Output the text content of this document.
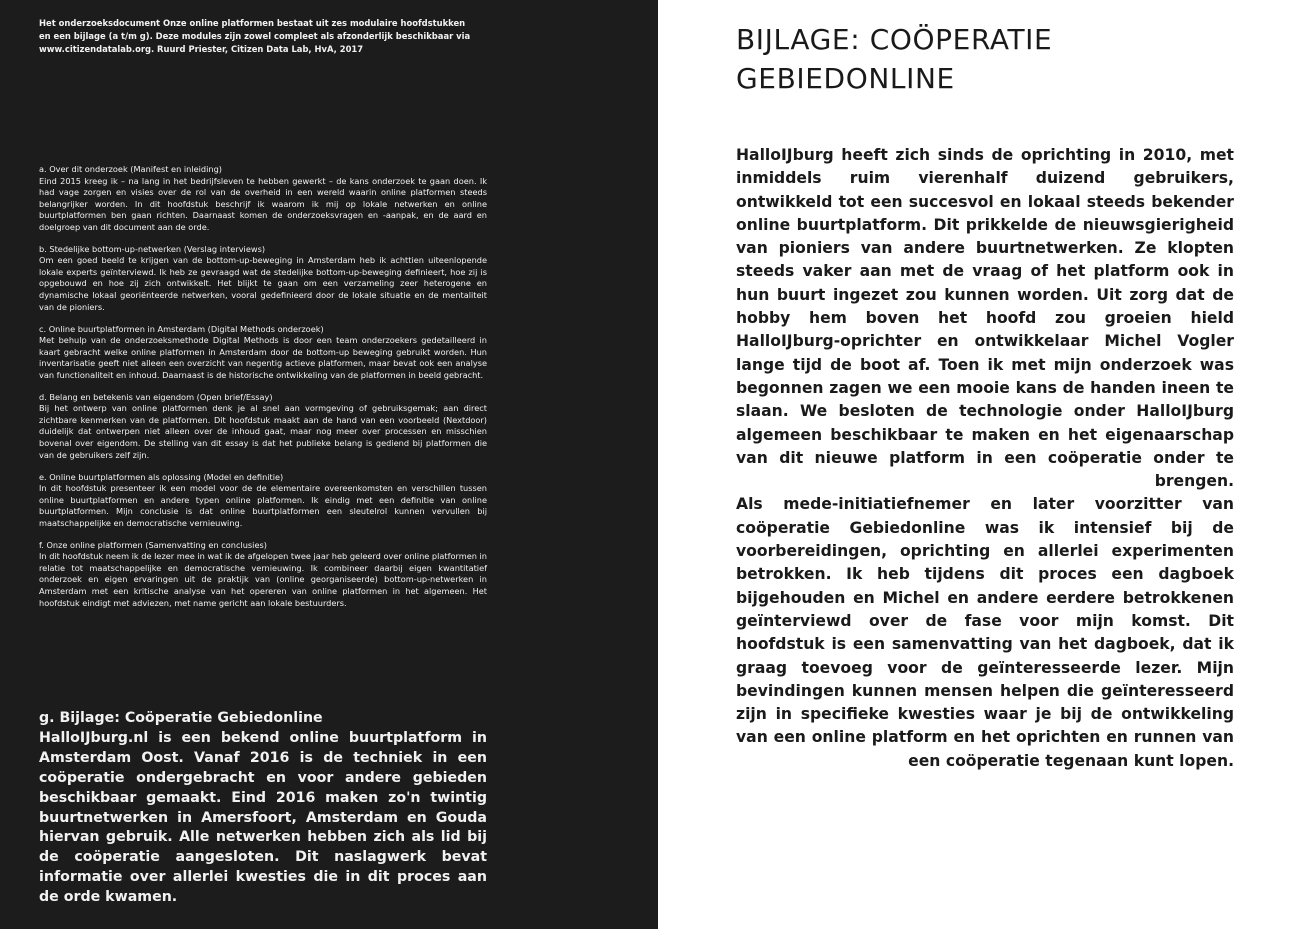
Het onderzoeksdocument Onze online platformen bestaat uit zes modulaire hoofdstukken en een bijlage (a t/m g). Deze modules zijn zowel compleet als afzonderlijk beschikbaar via www.citizendatalab.org. Ruurd Priester, Citizen Data Lab, HvA, 2017
a. Over dit onderzoek (Manifest en inleiding)

Eind 2015 kreeg ik – na lang in het bedrijfsleven te hebben gewerkt – de kans onderzoek te gaan doen. Ik had vage zorgen en visies over de rol van de overheid in een wereld waarin online platformen steeds belangrijker worden. In dit hoofdstuk beschrijf ik waarom ik mij op lokale netwerken en online buurtplatformen ben gaan richten. Daarnaast komen de onderzoeksvragen en -aanpak, en de aard en doelgroep van dit document aan de orde.

b. Stedelijke bottom-up-netwerken (Verslag interviews)

Om een goed beeld te krijgen van de bottom-up-beweging in Amsterdam heb ik achttien uiteenlopende lokale experts geïnterviewd. Ik heb ze gevraagd wat de stedelijke bottom-up-beweging definieert, hoe zij is opgebouwd en hoe zij zich ontwikkelt. Het blijkt te gaan om een verzameling zeer heterogene en dynamische lokaal georiënteerde netwerken, vooral gedefinieerd door de lokale situatie en de mentaliteit van de pioniers.

c. Online buurtplatformen in Amsterdam (Digital Methods onderzoek)

Met behulp van de onderzoeksmethode Digital Methods is door een team onderzoekers gedetailleerd in kaart gebracht welke online platformen in Amsterdam door de bottom-up beweging gebruikt worden. Hun inventarisatie geeft niet alleen een overzicht van negentig actieve platformen, maar bevat ook een analyse van functionaliteit en inhoud. Daarnaast is de historische ontwikkeling van de platformen in beeld gebracht.

d. Belang en betekenis van eigendom (Open brief/Essay)

Bij het ontwerp van online platformen denk je al snel aan vormgeving of gebruiksgemak; aan direct zichtbare kenmerken van de platformen. Dit hoofdstuk maakt aan de hand van een voorbeeld (Nextdoor) duidelijk dat ontwerpen niet alleen over de inhoud gaat, maar nog meer over processen en misschien bovenal over eigendom. De stelling van dit essay is dat het publieke belang is gediend bij platformen die van de gebruikers zelf zijn.

e. Online buurtplatformen als oplossing (Model en definitie)

In dit hoofdstuk presenteer ik een model voor de de elementaire overeenkomsten en verschillen tussen online buurtplatformen en andere typen online platformen. Ik eindig met een definitie van online buurtplatformen. Mijn conclusie is dat online buurtplatformen een sleutelrol kunnen vervullen bij maatschappelijke en democratische vernieuwing.

f. Onze online platformen (Samenvatting en conclusies)

In dit hoofdstuk neem ik de lezer mee in wat ik de afgelopen twee jaar heb geleerd over online platformen in relatie tot maatschappelijke en democratische vernieuwing. Ik combineer daarbij eigen kwantitatief onderzoek en eigen ervaringen uit de praktijk van (online georganiseerde) bottom-up-netwerken in Amsterdam met een kritische analyse van het opereren van online platformen in het algemeen. Het hoofdstuk eindigt met adviezen, met name gericht aan lokale bestuurders.

g. Bijlage: Coöperatie Gebiedonline

HalloIJburg.nl is een bekend online buurtplatform in Amsterdam Oost. Vanaf 2016 is de techniek in een coöperatie ondergebracht en voor andere gebieden beschikbaar gemaakt. Eind 2016 maken zo'n twintig buurtnetwerken in Amersfoort, Amsterdam en Gouda hiervan gebruik. Alle netwerken hebben zich als lid bij de coöperatie aangesloten. Dit naslagwerk bevat informatie over allerlei kwesties die in dit proces aan de orde kwamen.

BIJLAGE: COÖPERATIE
GEBIEDONLINE

HalloIJburg heeft zich sinds de oprichting in 2010, met inmiddels ruim vierenhalf duizend gebruikers, ontwikkeld tot een succesvol en lokaal steeds bekender online buurtplatform. Dit prikkelde de nieuwsgierigheid van pioniers van andere buurtnetwerken. Ze klopten steeds vaker aan met de vraag of het platform ook in hun buurt ingezet zou kunnen worden. Uit zorg dat de hobby hem boven het hoofd zou groeien hield HalloIJburg-oprichter en ontwikkelaar Michel Vogler lange tijd de boot af. Toen ik met mijn onderzoek was begonnen zagen we een mooie kans de handen ineen te slaan. We besloten de technologie onder HalloIJburg algemeen beschikbaar te maken en het eigenaarschap van dit nieuwe platform in een coöperatie onder te brengen.

Als mede-initiatiefnemer en later voorzitter van coöperatie Gebiedonline was ik intensief bij de voorbereidingen, oprichting en allerlei experimenten betrokken. Ik heb tijdens dit proces een dagboek bijgehouden en Michel en andere eerdere betrokkenen geïnterviewd over de fase voor mijn komst. Dit hoofdstuk is een samenvatting van het dagboek, dat ik graag toevoeg voor de geïnteresseerde lezer. Mijn bevindingen kunnen mensen helpen die geïnteresseerd zijn in specifieke kwesties waar je bij de ontwikkeling van een online platform en het oprichten en runnen van een coöperatie tegenaan kunt lopen.
